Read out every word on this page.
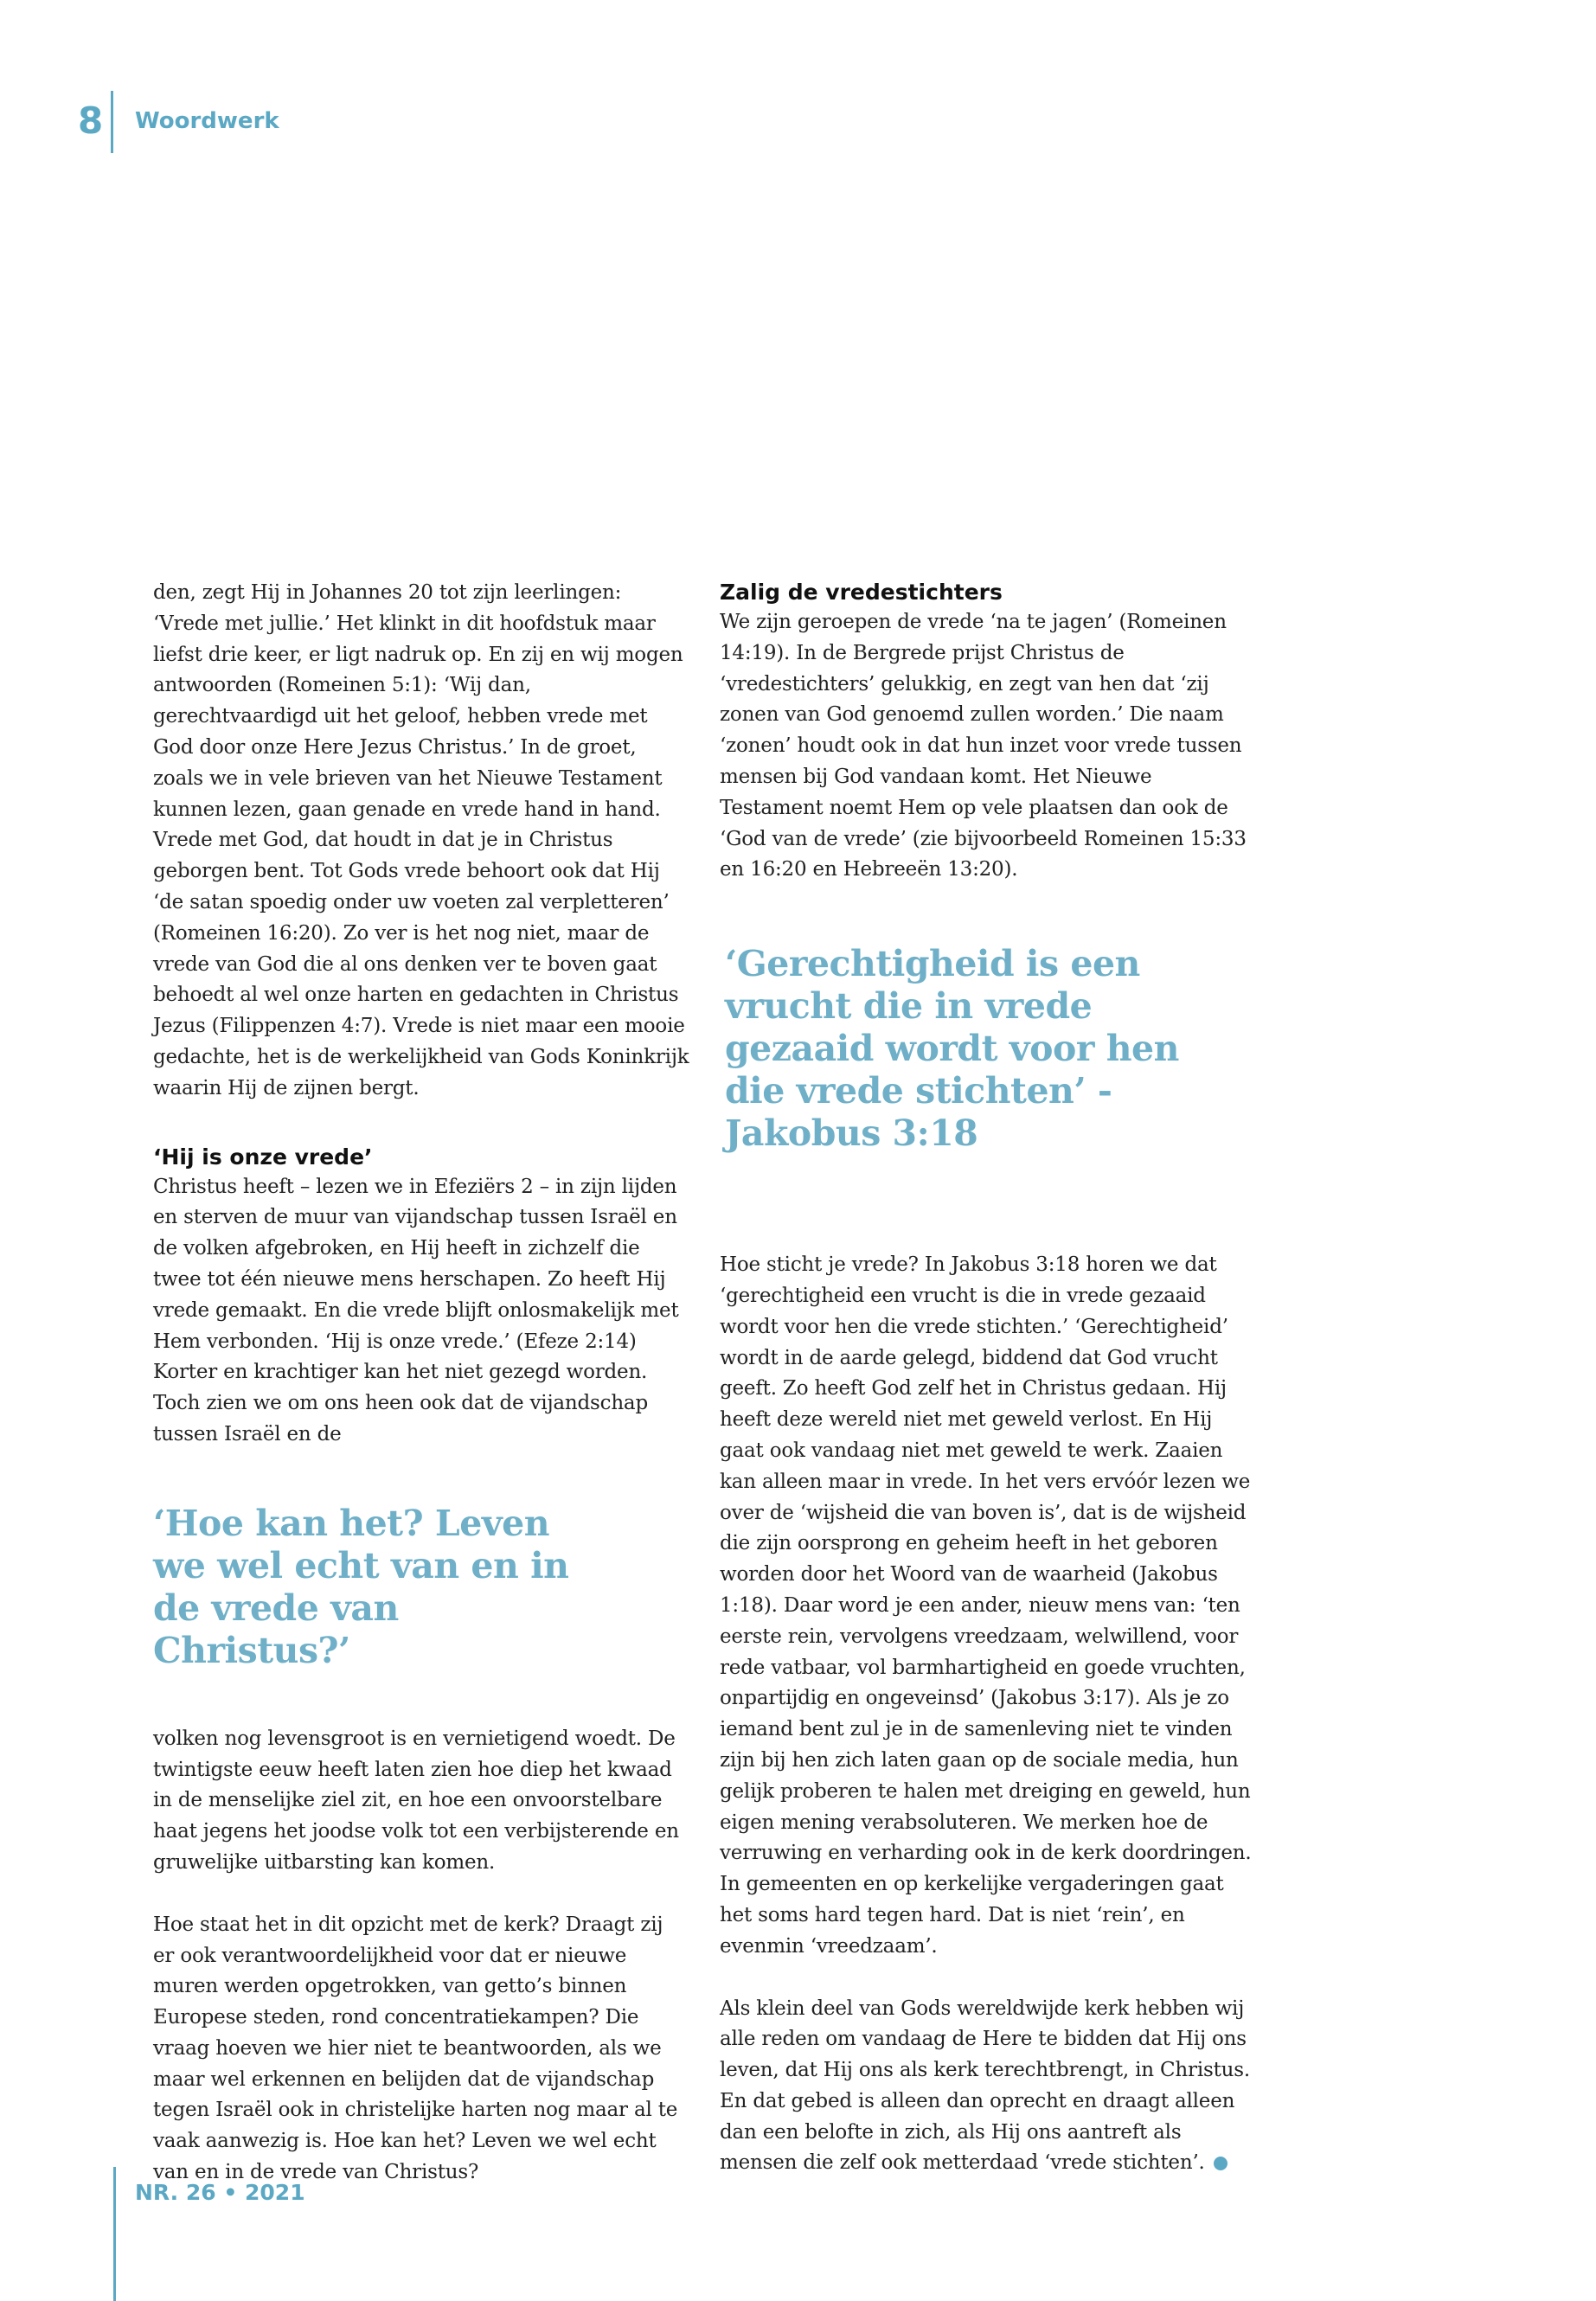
8 Woordwerk

den, zegt Hij in Johannes 20 tot zijn leerlingen: ‘Vrede met jullie.’ Het klinkt in dit hoofdstuk maar liefst drie keer, er ligt nadruk op. En zij en wij mogen antwoorden (Romeinen 5:1): ‘Wij dan, gerechtvaardigd uit het geloof, hebben vrede met God door onze Here Jezus Christus.’ In de groet, zoals we in vele brieven van het Nieuwe Testament kunnen lezen, gaan genade en vrede hand in hand. Vrede met God, dat houdt in dat je in Christus geborgen bent. Tot Gods vrede behoort ook dat Hij ‘de satan spoedig onder uw voeten zal verpletteren’ (Romeinen 16:20). Zo ver is het nog niet, maar de vrede van God die al ons denken ver te boven gaat behoedt al wel onze harten en gedachten in Christus Jezus (Filippenzen 4:7). Vrede is niet maar een mooie gedachte, het is de werkelijkheid van Gods Koninkrijk waarin Hij de zijnen bergt.

‘Hij is onze vrede’

Christus heeft – lezen we in Efeziërs 2 – in zijn lijden en sterven de muur van vijandschap tussen Israël en de volken afgebroken, en Hij heeft in zichzelf die twee tot één nieuwe mens herschapen. Zo heeft Hij vrede gemaakt. En die vrede blijft onlosmakelijk met Hem verbonden. ‘Hij is onze vrede.’ (Efeze 2:14) Korter en krachtiger kan het niet gezegd worden. Toch zien we om ons heen ook dat de vijandschap tussen Israël en de

‘Hoe kan het? Leven we wel echt van en in de vrede van Christus?’

volken nog levensgroot is en vernietigend woedt. De twintigste eeuw heeft laten zien hoe diep het kwaad in de menselijke ziel zit, en hoe een onvoorstelbare haat jegens het joodse volk tot een verbijsterende en gruwelijke uitbarsting kan komen.

Hoe staat het in dit opzicht met de kerk? Draagt zij er ook verantwoordelijkheid voor dat er nieuwe muren werden opgetrokken, van getto’s binnen Europese steden, rond concentratiekampen? Die vraag hoeven we hier niet te beantwoorden, als we maar wel erkennen en belijden dat de vijandschap tegen Israël ook in christelijke harten nog maar al te vaak aanwezig is. Hoe kan het? Leven we wel echt van en in de vrede van Christus?

Zalig de vredestichters

We zijn geroepen de vrede ‘na te jagen’ (Romeinen 14:19). In de Bergrede prijst Christus de ‘vredestichters’ gelukkig, en zegt van hen dat ‘zij zonen van God genoemd zullen worden.’ Die naam ‘zonen’ houdt ook in dat hun inzet voor vrede tussen mensen bij God vandaan komt. Het Nieuwe Testament noemt Hem op vele plaatsen dan ook de ‘God van de vrede’ (zie bijvoorbeeld Romeinen 15:33 en 16:20 en Hebreeën 13:20).

‘Gerechtigheid is een vrucht die in vrede gezaaid wordt voor hen die vrede stichten’ - Jakobus 3:18

Hoe sticht je vrede? In Jakobus 3:18 horen we dat ‘gerechtigheid een vrucht is die in vrede gezaaid wordt voor hen die vrede stichten.’ ‘Gerechtigheid’ wordt in de aarde gelegd, biddend dat God vrucht geeft. Zo heeft God zelf het in Christus gedaan. Hij heeft deze wereld niet met geweld verlost. En Hij gaat ook vandaag niet met geweld te werk. Zaaien kan alleen maar in vrede. In het vers ervóór lezen we over de ‘wijsheid die van boven is’, dat is de wijsheid die zijn oorsprong en geheim heeft in het geboren worden door het Woord van de waarheid (Jakobus 1:18). Daar word je een ander, nieuw mens van: ‘ten eerste rein, vervolgens vreedzaam, welwillend, voor rede vatbaar, vol barmhartigheid en goede vruchten, onpartijdig en ongeveinsd’ (Jakobus 3:17). Als je zo iemand bent zul je in de samenleving niet te vinden zijn bij hen zich laten gaan op de sociale media, hun gelijk proberen te halen met dreiging en geweld, hun eigen mening verabsoluteren. We merken hoe de verruwing en verharding ook in de kerk doordringen. In gemeenten en op kerkelijke vergaderingen gaat het soms hard tegen hard. Dat is niet ‘rein’, en evenmin ‘vreedzaam’.

Als klein deel van Gods wereldwijde kerk hebben wij alle reden om vandaag de Here te bidden dat Hij ons leven, dat Hij ons als kerk terechtbrengt, in Christus. En dat gebed is alleen dan oprecht en draagt alleen dan een belofte in zich, als Hij ons aantreft als mensen die zelf ook metterdaad ‘vrede stichten’.

NR. 26 • 2021
